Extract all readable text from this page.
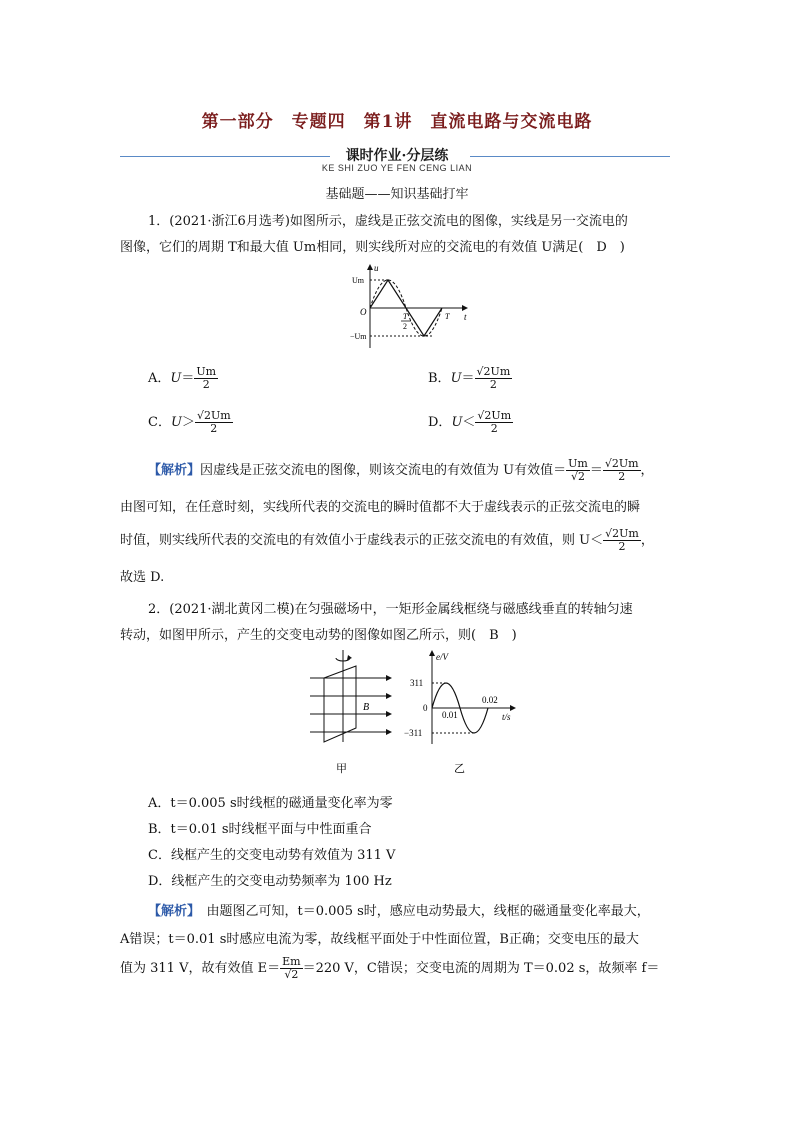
第一部分　专题四　第1讲　直流电路与交流电路
课时作业·分层练
KE SHI ZUO YE FEN CENG LIAN
基础题——知识基础打牢
1．(2021·浙江6月选考)如图所示，虚线是正弦交流电的图像，实线是另一交流电的
图像，它们的周期 T和最大值 Um相同，则实线所对应的交流电的有效值 U满足(　D　)
u
t
Um
−Um
O	T
2
T
A．$U= \frac{Um}{2}$	B．$U= \frac{√2Um}{2}$
C．$U> \frac{√2Um}{2}$	D．$U< \frac{√2Um}{2}$
【解析】因虚线是正弦交流电的图像，则该交流电的有效值为 U有效值＝ $\frac{Um}{√2} = \frac{√2Um}{2}$ ，
由图可知，在任意时刻，实线所代表的交流电的瞬时值都不大于虚线表示的正弦交流电的瞬
时值，则实线所代表的交流电的有效值小于虚线表示的正弦交流电的有效值，则 $U< \frac{√2Um}{2}$ ，
故选 D.
2．(2021·湖北黄冈二模)在匀强磁场中，一矩形金属线框绕与磁感线垂直的转轴匀速
转动，如图甲所示，产生的交变电动势的图像如图乙所示，则(　B　)
B
甲
e/V
t/s
311
−311
0
0.01
0.02
乙
A．t＝0.005 s时线框的磁通量变化率为零
B．t＝0.01 s时线框平面与中性面重合
C．线框产生的交变电动势有效值为 311 V
D．线框产生的交变电动势频率为 100 Hz
【解析】　 由题图乙可知，t＝0.005 s时，感应电动势最大，线框的磁通量变化率最大，
A错误；t＝0.01 s时感应电流为零，故线框平面处于中性面位置，B正确；交变电压的最大
值为 311 V，故有效值 $E= \frac{Em}{√2} =220$ V，C错误；交变电流的周期为 T＝0.02 s，故频率 f＝
